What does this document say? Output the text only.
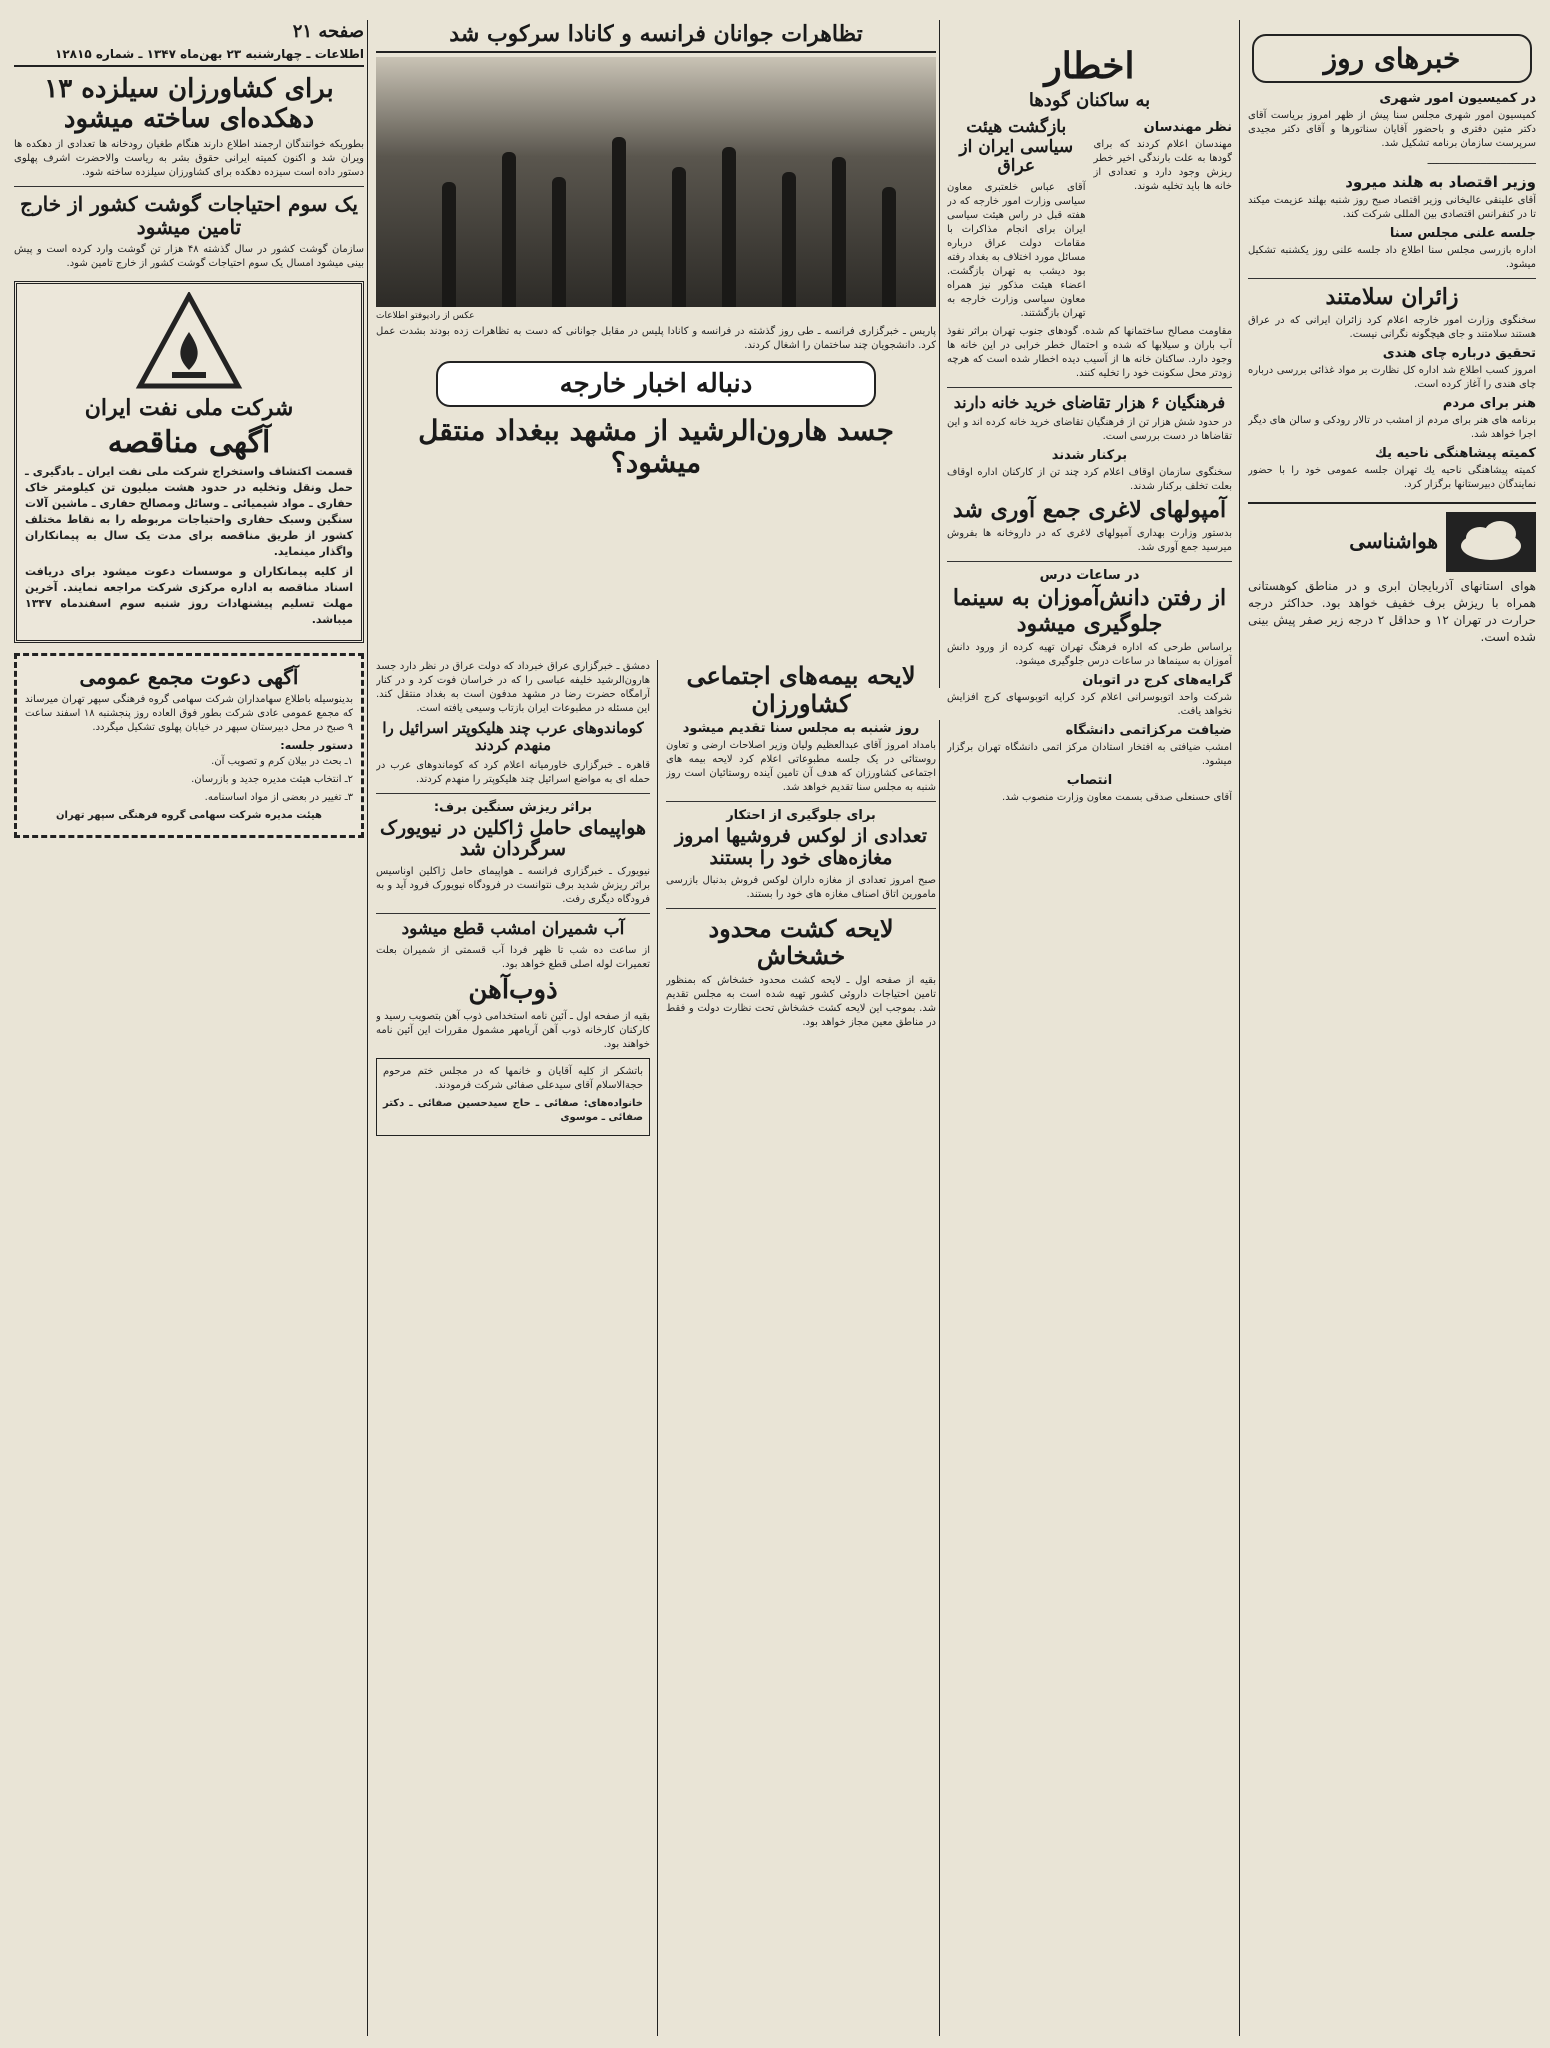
خبرهای روز
در کمیسیون امور شهری

کمیسیون امور شهری مجلس سنا پیش از ظهر امروز بریاست آقای دکتر متین دفتری و باحضور آقایان سناتورها و آقای دکتر مجیدی سرپرست سازمان برنامه تشکیل شد.

ـــــــــــــــــــــــــــــــــــــ

وزیر اقتصاد به هلند میرود

آقای علینقی عالیخانی وزیر اقتصاد صبح روز شنبه بهلند عزیمت میکند تا در کنفرانس اقتصادی بین المللی شرکت کند.

جلسه علنی مجلس سنا

اداره بازرسی مجلس سنا اطلاع داد جلسه علنی روز یکشنبه تشکیل میشود.

زائران سلامتند

سخنگوی وزارت امور خارجه اعلام کرد زائران ایرانی که در عراق هستند سلامتند و جای هیچگونه نگرانی نیست.

تحقیق درباره چای هندی

امروز کسب اطلاع شد اداره کل نظارت بر مواد غذائی بررسی درباره چای هندی را آغاز کرده است.

هنر برای مردم

برنامه های هنر برای مردم از امشب در تالار رودکی و سالن های دیگر اجرا خواهد شد.

کمیته پیشاهنگی ناحیه یك

کمیته پیشاهنگی ناحیه یك تهران جلسه عمومی خود را با حضور نمایندگان دبیرستانها برگزار کرد.

هواشناسی

هوای استانهای آذربایجان ابری و در مناطق کوهستانی همراه با ریزش برف خفیف خواهد بود. حداکثر درجه حرارت در تهران ۱۲ و حداقل ۲ درجه زیر صفر پیش بینی شده است.

اخطار
به ساکنان گودها
نظر مهندسان

مهندسان اعلام کردند که برای گودها به علت بارندگی اخیر خطر ریزش وجود دارد و تعدادی از خانه ها باید تخلیه شوند.

بازگشت هیئت سیاسی ایران از عراق

آقای عباس خلعتبری معاون سیاسی وزارت امور خارجه که در هفته قبل در راس هیئت سیاسی ایران برای انجام مذاکرات با مقامات دولت عراق درباره مسائل مورد اختلاف به بغداد رفته بود دیشب به تهران بازگشت. اعضاء هیئت مذکور نیز همراه معاون سیاسی وزارت خارجه به تهران بازگشتند.

مقاومت مصالح ساختمانها کم شده. گودهای جنوب تهران براثر نفوذ آب باران و سیلابها که شده و احتمال خطر خرابی در این خانه ها وجود دارد. ساکنان خانه ها از آسیب دیده اخطار شده است که هرچه زودتر محل سکونت خود را تخلیه کنند.

فرهنگیان ۶ هزار تقاضای خرید خانه دارند

در حدود شش هزار تن از فرهنگیان تقاضای خرید خانه کرده اند و این تقاضاها در دست بررسی است.

برکنار شدند

سخنگوی سازمان اوقاف اعلام کرد چند تن از کارکنان اداره اوقاف بعلت تخلف برکنار شدند.

آمپولهای لاغری جمع آوری شد

بدستور وزارت بهداری آمپولهای لاغری که در داروخانه ها بفروش میرسید جمع آوری شد.

در ساعات درس
از رفتن دانش‌آموزان به سینما جلوگیری میشود

براساس طرحی که اداره فرهنگ تهران تهیه کرده از ورود دانش آموزان به سینماها در ساعات درس جلوگیری میشود.

گرایه‌های کرج در اتوبان

شرکت واحد اتوبوسرانی اعلام کرد کرایه اتوبوسهای کرج افزایش نخواهد یافت.

ضیافت مرکزاتمی دانشگاه

امشب ضیافتی به افتخار استادان مرکز اتمی دانشگاه تهران برگزار میشود.

انتصاب

آقای حسنعلی صدقی بسمت معاون وزارت منصوب شد.

تظاهرات جوانان فرانسه و کانادا سرکوب شد
عکس از رادیوفتو اطلاعات

پاریس ـ خبرگزاری فرانسه ـ طی روز گذشته در فرانسه و کانادا پلیس در مقابل جوانانی که دست به تظاهرات زده بودند بشدت عمل کرد. دانشجویان چند ساختمان را اشغال کردند.

دنباله اخبار خارجه
جسد هارون‌الرشید از مشهد ببغداد منتقل میشود؟
لایحه بیمه‌های اجتماعی کشاورزان
روز شنبه به مجلس سنا تقدیم میشود

بامداد امروز آقای عبدالعظیم ولیان وزیر اصلاحات ارضی و تعاون روستائی در یک جلسه مطبوعاتی اعلام کرد لایحه بیمه های اجتماعی کشاورزان که هدف آن تامین آینده روستائیان است روز شنبه به مجلس سنا تقدیم خواهد شد.

برای جلوگیری از احتکار
تعدادی از لوکس فروشیها امروز مغازه‌های خود را بستند

صبح امروز تعدادی از مغازه داران لوکس فروش بدنبال بازرسی مامورین اتاق اصناف مغازه های خود را بستند.

لایحه کشت محدود خشخاش

بقیه از صفحه اول ـ لایحه کشت محدود خشخاش که بمنظور تامین احتیاجات داروئی کشور تهیه شده است به مجلس تقدیم شد. بموجب این لایحه کشت خشخاش تحت نظارت دولت و فقط در مناطق معین مجاز خواهد بود.

دمشق ـ خبرگزاری عراق خبرداد که دولت عراق در نظر دارد جسد هارون‌الرشید خلیفه عباسی را که در خراسان فوت کرد و در کنار آرامگاه حضرت رضا در مشهد مدفون است به بغداد منتقل کند. این مسئله در مطبوعات ایران بازتاب وسیعی یافته است.

کوماندوهای عرب چند هلیکوپتر اسرائیل را منهدم کردند

قاهره ـ خبرگزاری خاورمیانه اعلام کرد که کوماندوهای عرب در حمله ای به مواضع اسرائیل چند هلیکوپتر را منهدم کردند.

براثر ریزش سنگین برف:
هواپیمای حامل ژاکلین در نیویورک سرگردان شد

نیویورک ـ خبرگزاری فرانسه ـ هواپیمای حامل ژاکلین اوناسیس براثر ریزش شدید برف نتوانست در فرودگاه نیویورک فرود آید و به فرودگاه دیگری رفت.

آب شمیران امشب قطع میشود

از ساعت ده شب تا ظهر فردا آب قسمتی از شمیران بعلت تعمیرات لوله اصلی قطع خواهد بود.

ذوب‌آهن

بقیه از صفحه اول ـ آئین نامه استخدامی ذوب آهن بتصویب رسید و کارکنان کارخانه ذوب آهن آریامهر مشمول مقررات این آئین نامه خواهند بود.

باتشکر از کلیه آقایان و خانمها که در مجلس ختم مرحوم حجةالاسلام آقای سیدعلی صفائی شرکت فرمودند.

خانواده‌های: صفائی ـ حاج سیدحسین صفائی ـ دکتر صفائی ـ موسوی

صفحه ۲۱
اطلاعات ـ چهارشنبه ۲۳ بهن‌ماه ۱۳۴۷ ـ شماره ۱۲۸۱۵
برای کشاورزان سیلزده ۱۳ دهکده‌ای ساخته میشود

بطوریکه خوانندگان ارجمند اطلاع دارند هنگام طغیان رودخانه ها تعدادی از دهکده ها ویران شد و اکنون کمیته ایرانی حقوق بشر به ریاست والاحضرت اشرف پهلوی دستور داده است سیزده دهکده برای کشاورزان سیلزده ساخته شود.

یک سوم احتیاجات گوشت کشور از خارج تامین میشود

سازمان گوشت کشور در سال گذشته ۴۸ هزار تن گوشت وارد کرده است و پیش بینی میشود امسال یک سوم احتیاجات گوشت کشور از خارج تامین شود.

شرکت ملی نفت ایران
آگهی مناقصه

قسمت اکتشاف واستخراج شرکت ملی نفت ایران ـ بادگیری ـ حمل ونقل وتخلیه در حدود هشت میلیون تن کیلومتر خاک حفاری ـ مواد شیمیائی ـ وسائل ومصالح حفاری ـ ماشین آلات سنگین وسبک حفاری واحتیاجات مربوطه را به نقاط مختلف کشور از طریق مناقصه برای مدت یک سال به پیمانکاران واگذار مینماید.

از کلیه پیمانکاران و موسسات دعوت میشود برای دریافت اسناد مناقصه به اداره مرکزی شرکت مراجعه نمایند. آخرین مهلت تسلیم پیشنهادات روز شنبه سوم اسفندماه ۱۳۴۷ میباشد.

آگهی دعوت مجمع عمومی

بدینوسیله باطلاع سهامداران شرکت سهامی گروه فرهنگی سپهر تهران میرساند که مجمع عمومی عادی شرکت بطور فوق العاده روز پنجشنبه ۱۸ اسفند ساعت ۹ صبح در محل دبیرستان سپهر در خیابان پهلوی تشکیل میگردد.

دستور جلسه:

۱ـ بحث در بیلان کرم و تصویب آن.

۲ـ انتخاب هیئت مدیره جدید و بازرسان.

۳ـ تغییر در بعضی از مواد اساسنامه.

هیئت مدیره شرکت سهامی گروه فرهنگی سپهر تهران
